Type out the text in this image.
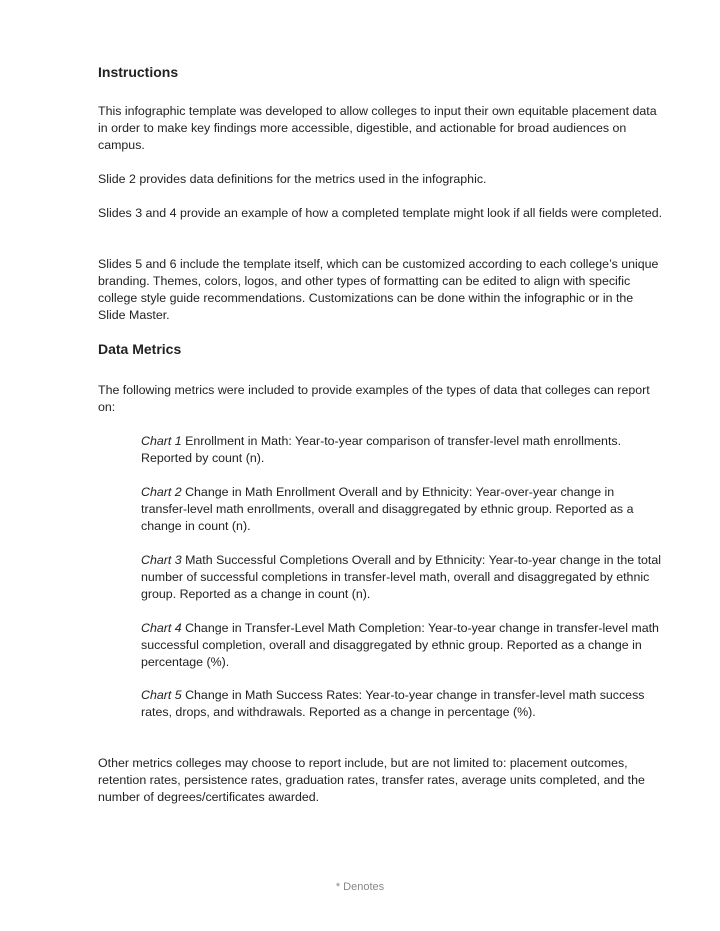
Instructions

This infographic template was developed to allow colleges to input their own equitable placement data in order to make key findings more accessible, digestible, and actionable for broad audiences on campus.

Slide 2 provides data definitions for the metrics used in the infographic.

Slides 3 and 4 provide an example of how a completed template might look if all fields were completed.

Slides 5 and 6 include the template itself, which can be customized according to each college’s unique branding. Themes, colors, logos, and other types of formatting can be edited to align with specific college style guide recommendations. Customizations can be done within the infographic or in the Slide Master.

Data Metrics

The following metrics were included to provide examples of the types of data that colleges can report on:

Chart 1 Enrollment in Math: Year-to-year comparison of transfer-level math enrollments. Reported by count (n).

Chart 2 Change in Math Enrollment Overall and by Ethnicity: Year-over-year change in transfer-level math enrollments, overall and disaggregated by ethnic group. Reported as a change in count (n).

Chart 3 Math Successful Completions Overall and by Ethnicity: Year-to-year change in the total number of successful completions in transfer-level math, overall and disaggregated by ethnic group. Reported as a change in count (n).

Chart 4 Change in Transfer-Level Math Completion: Year-to-year change in transfer-level math successful completion, overall and disaggregated by ethnic group. Reported as a change in percentage (%).

Chart 5 Change in Math Success Rates: Year-to-year change in transfer-level math success rates, drops, and withdrawals. Reported as a change in percentage (%).

Other metrics colleges may choose to report include, but are not limited to: placement outcomes, retention rates, persistence rates, graduation rates, transfer rates, average units completed, and the number of degrees/certificates awarded.

* Denotes
